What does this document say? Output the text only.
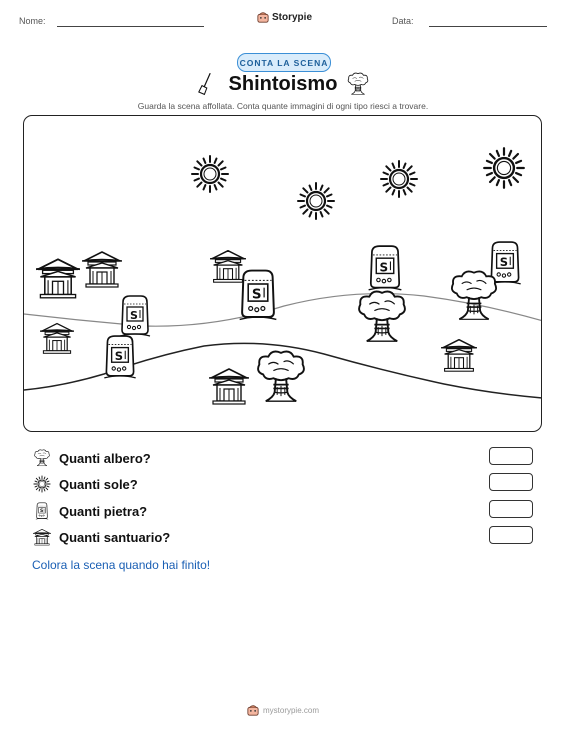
Nome:	Storypie	Data:
CONTA LA SCENA
Shintoismo
Guarda la scena affollata. Conta quante immagini di ogni tipo riesci a trovare.
Quanti albero?
Quanti sole?
Quanti pietra?
Quanti santuario?
Colora la scena quando hai finito!
mystorypie.com
